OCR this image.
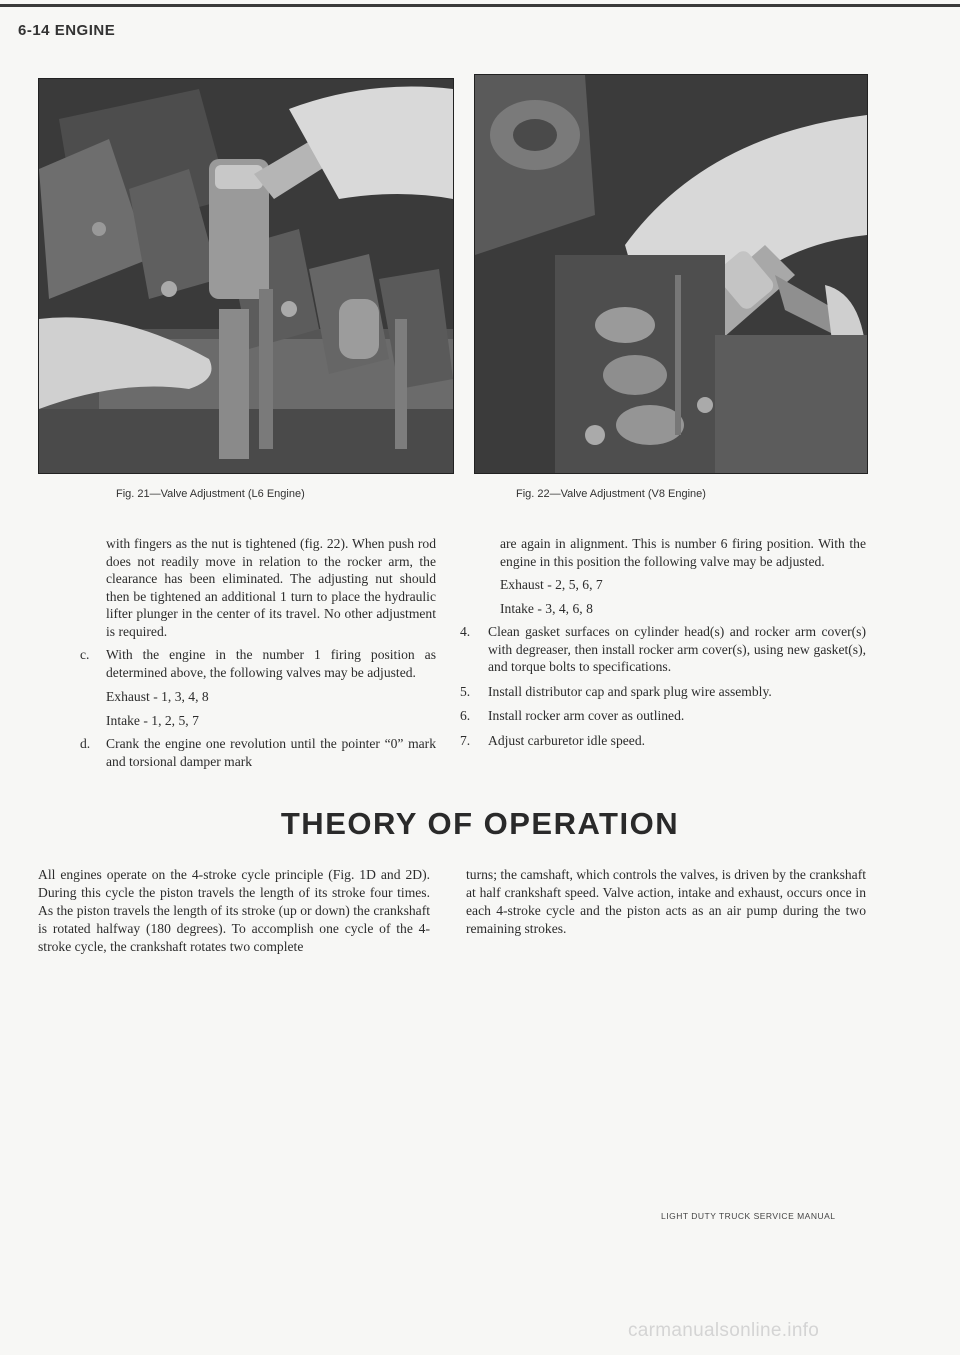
6-14 ENGINE
Fig. 21—Valve Adjustment (L6 Engine)	Fig. 22—Valve Adjustment (V8 Engine)

with fingers as the nut is tightened (fig. 22). When push rod does not readily move in relation to the rocker arm, the clearance has been eliminated. The adjusting nut should then be tightened an additional 1 turn to place the hydraulic lifter plunger in the center of its travel. No other adjustment is required.

c. With the engine in the number 1 firing position as determined above, the following valves may be adjusted.

Exhaust - 1, 3, 4, 8

Intake - 1, 2, 5, 7

d. Crank the engine one revolution until the pointer “0” mark and torsional damper mark

are again in alignment. This is number 6 firing position. With the engine in this position the following valve may be adjusted.

Exhaust - 2, 5, 6, 7

Intake - 3, 4, 6, 8

4. Clean gasket surfaces on cylinder head(s) and rocker arm cover(s) with degreaser, then install rocker arm cover(s), using new gasket(s), and torque bolts to specifications.
5. Install distributor cap and spark plug wire assembly.
6. Install rocker arm cover as outlined.
7. Adjust carburetor idle speed.
THEORY OF OPERATION
All engines operate on the 4-stroke cycle principle (Fig. 1D and 2D). During this cycle the piston travels the length of its stroke four times. As the piston travels the length of its stroke (up or down) the crankshaft is rotated halfway (180 degrees). To accomplish one cycle of the 4-stroke cycle, the crankshaft rotates two complete
turns; the camshaft, which controls the valves, is driven by the crankshaft at half crankshaft speed. Valve action, intake and exhaust, occurs once in each 4-stroke cycle and the piston acts as an air pump during the two remaining strokes.
LIGHT DUTY TRUCK SERVICE MANUAL
carmanualsonline.info
